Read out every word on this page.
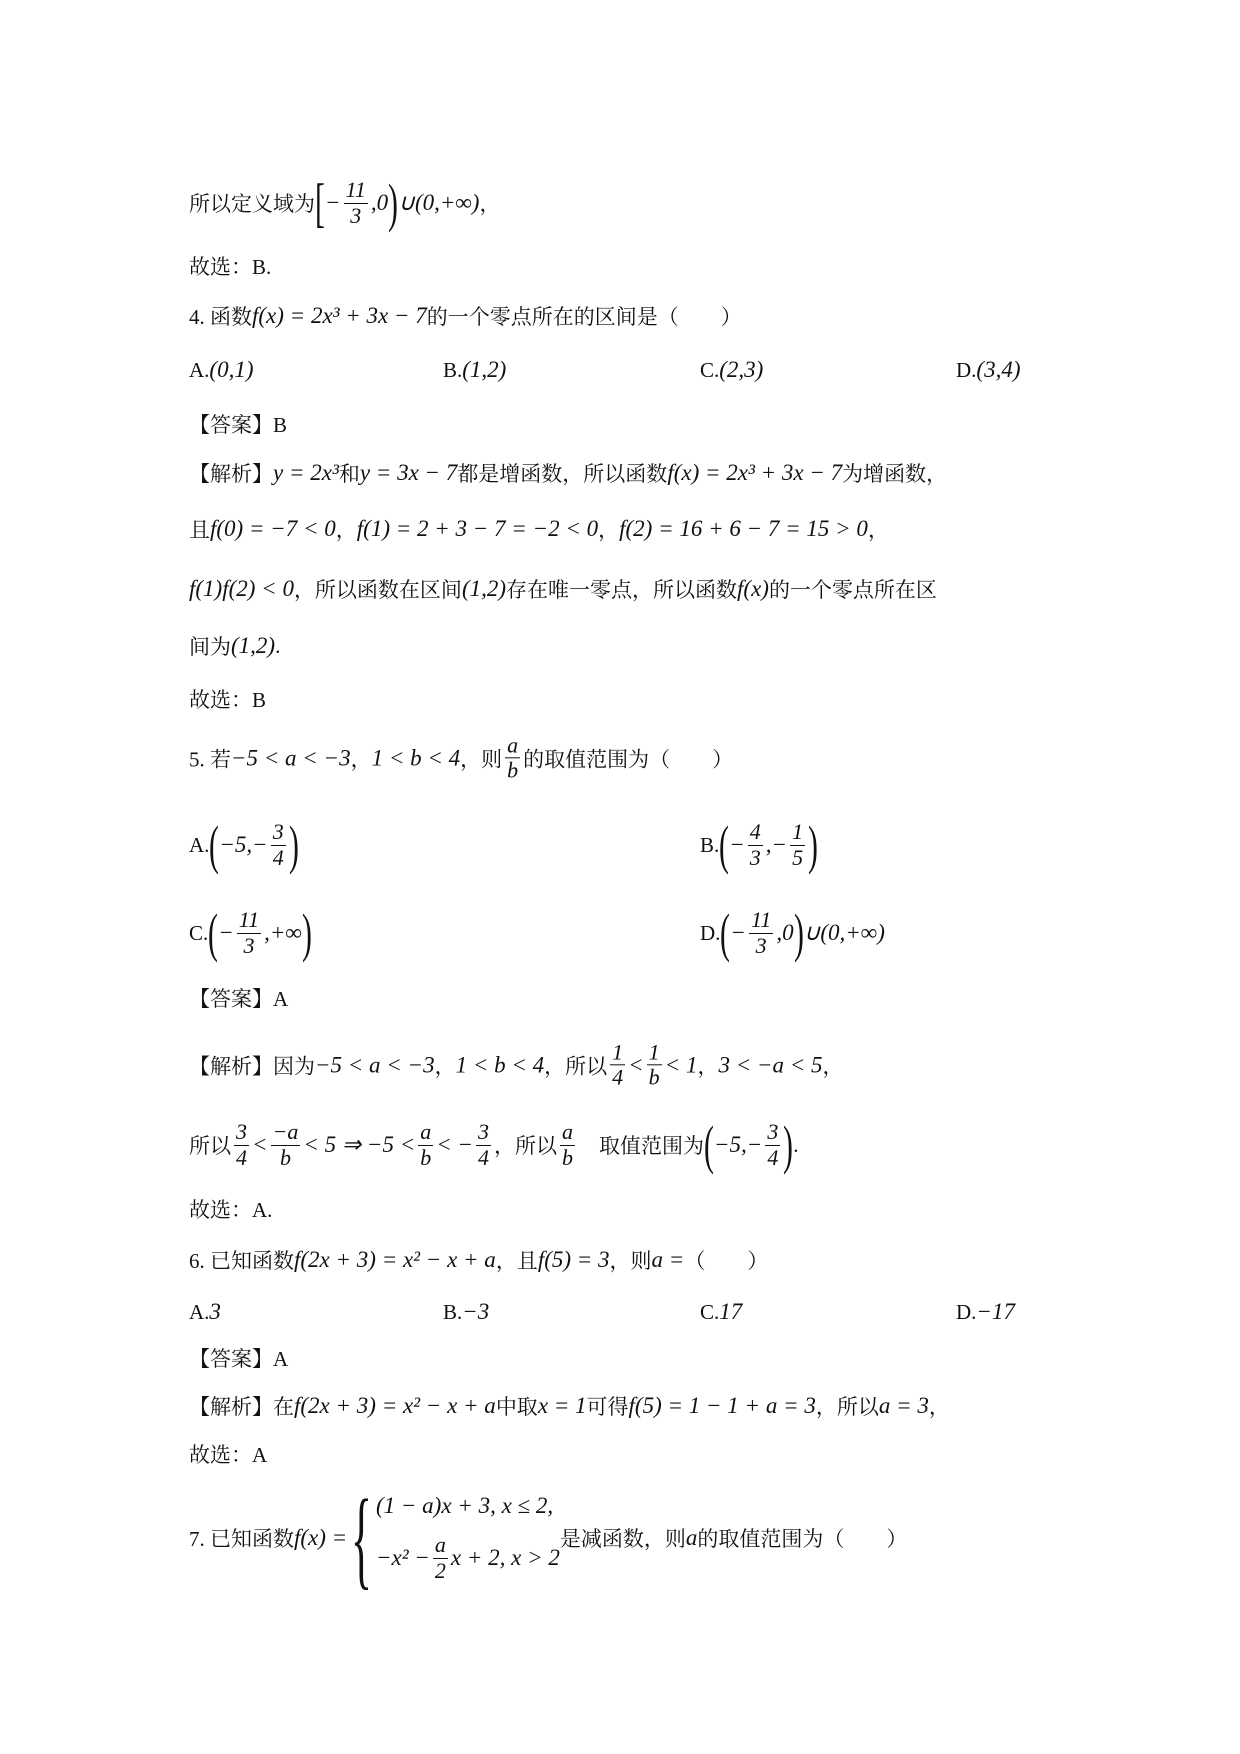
所以定义域为 [ − $\frac{11}{3} ,0$ ) ∪(0,+∞) ，
故选：B.
4. 函数 f(x) = 2x³ + 3x − 7 的一个零点所在的区间是（　　）
A. (0,1)	B. (1,2)	C. (2,3)	D. (3,4)
【答案】B
【解析】 y = 2x³ 和 y = 3x − 7 都是增函数，所以函数 f(x) = 2x³ + 3x − 7 为增函数，
且 f(0) = −7 < 0 ， f(1) = 2 + 3 − 7 = −2 < 0 ， f(2) = 16 + 6 − 7 = 15 > 0 ，
f(1)f(2) < 0 ，所以函数在区间 (1,2) 存在唯一零点，所以函数 f(x) 的一个零点所在区
间为 (1,2) .
故选：B
5. 若 −5 < a < −3 ， 1 < b < 4 ，则 $\frac{a}{b}$ 的取值范围为（　　）
A. ( $-5,- \frac{3}{4}$ )	B. ( − $\frac{4}{3}$ ,− $\frac{1}{5}$ )
C. ( − $\frac{11}{3}$ ,+∞ )	D. ( − $\frac{11}{3} ,0$ ) ∪(0,+∞)
【答案】A
【解析】因为 −5 < a < −3 ， 1 < b < 4 ，所以 $\frac{1}{4} < \frac{1}{b} < 1$ ， 3 < −a < 5 ，
所以 $\frac{3}{4} < \frac{-a}{b} < 5$ ⇒ $-5 < \frac{a}{b}$ < − $\frac{3}{4}$ ，所以 $\frac{a}{b}$ 　取值范围为 ( $-5,- \frac{3}{4}$ ) .
故选：A.
6. 已知函数 f(2x + 3) = x² − x + a ，且 f(5) = 3 ，则 a = （　　）
A. 3	B. −3	C. 17	D. −17
【答案】A
【解析】在 f(2x + 3) = x² − x + a 中取 x = 1 可得 f(5) = 1 − 1 + a = 3 ，所以 a = 3 ，
故选：A
7. 已知函数 f(x) = { (1 − a)x + 3, x ≤ 2,
$-x^2 - \frac{a}{2}$ x + 2, x > 2
是减函数，则 a 的取值范围为（　　）
